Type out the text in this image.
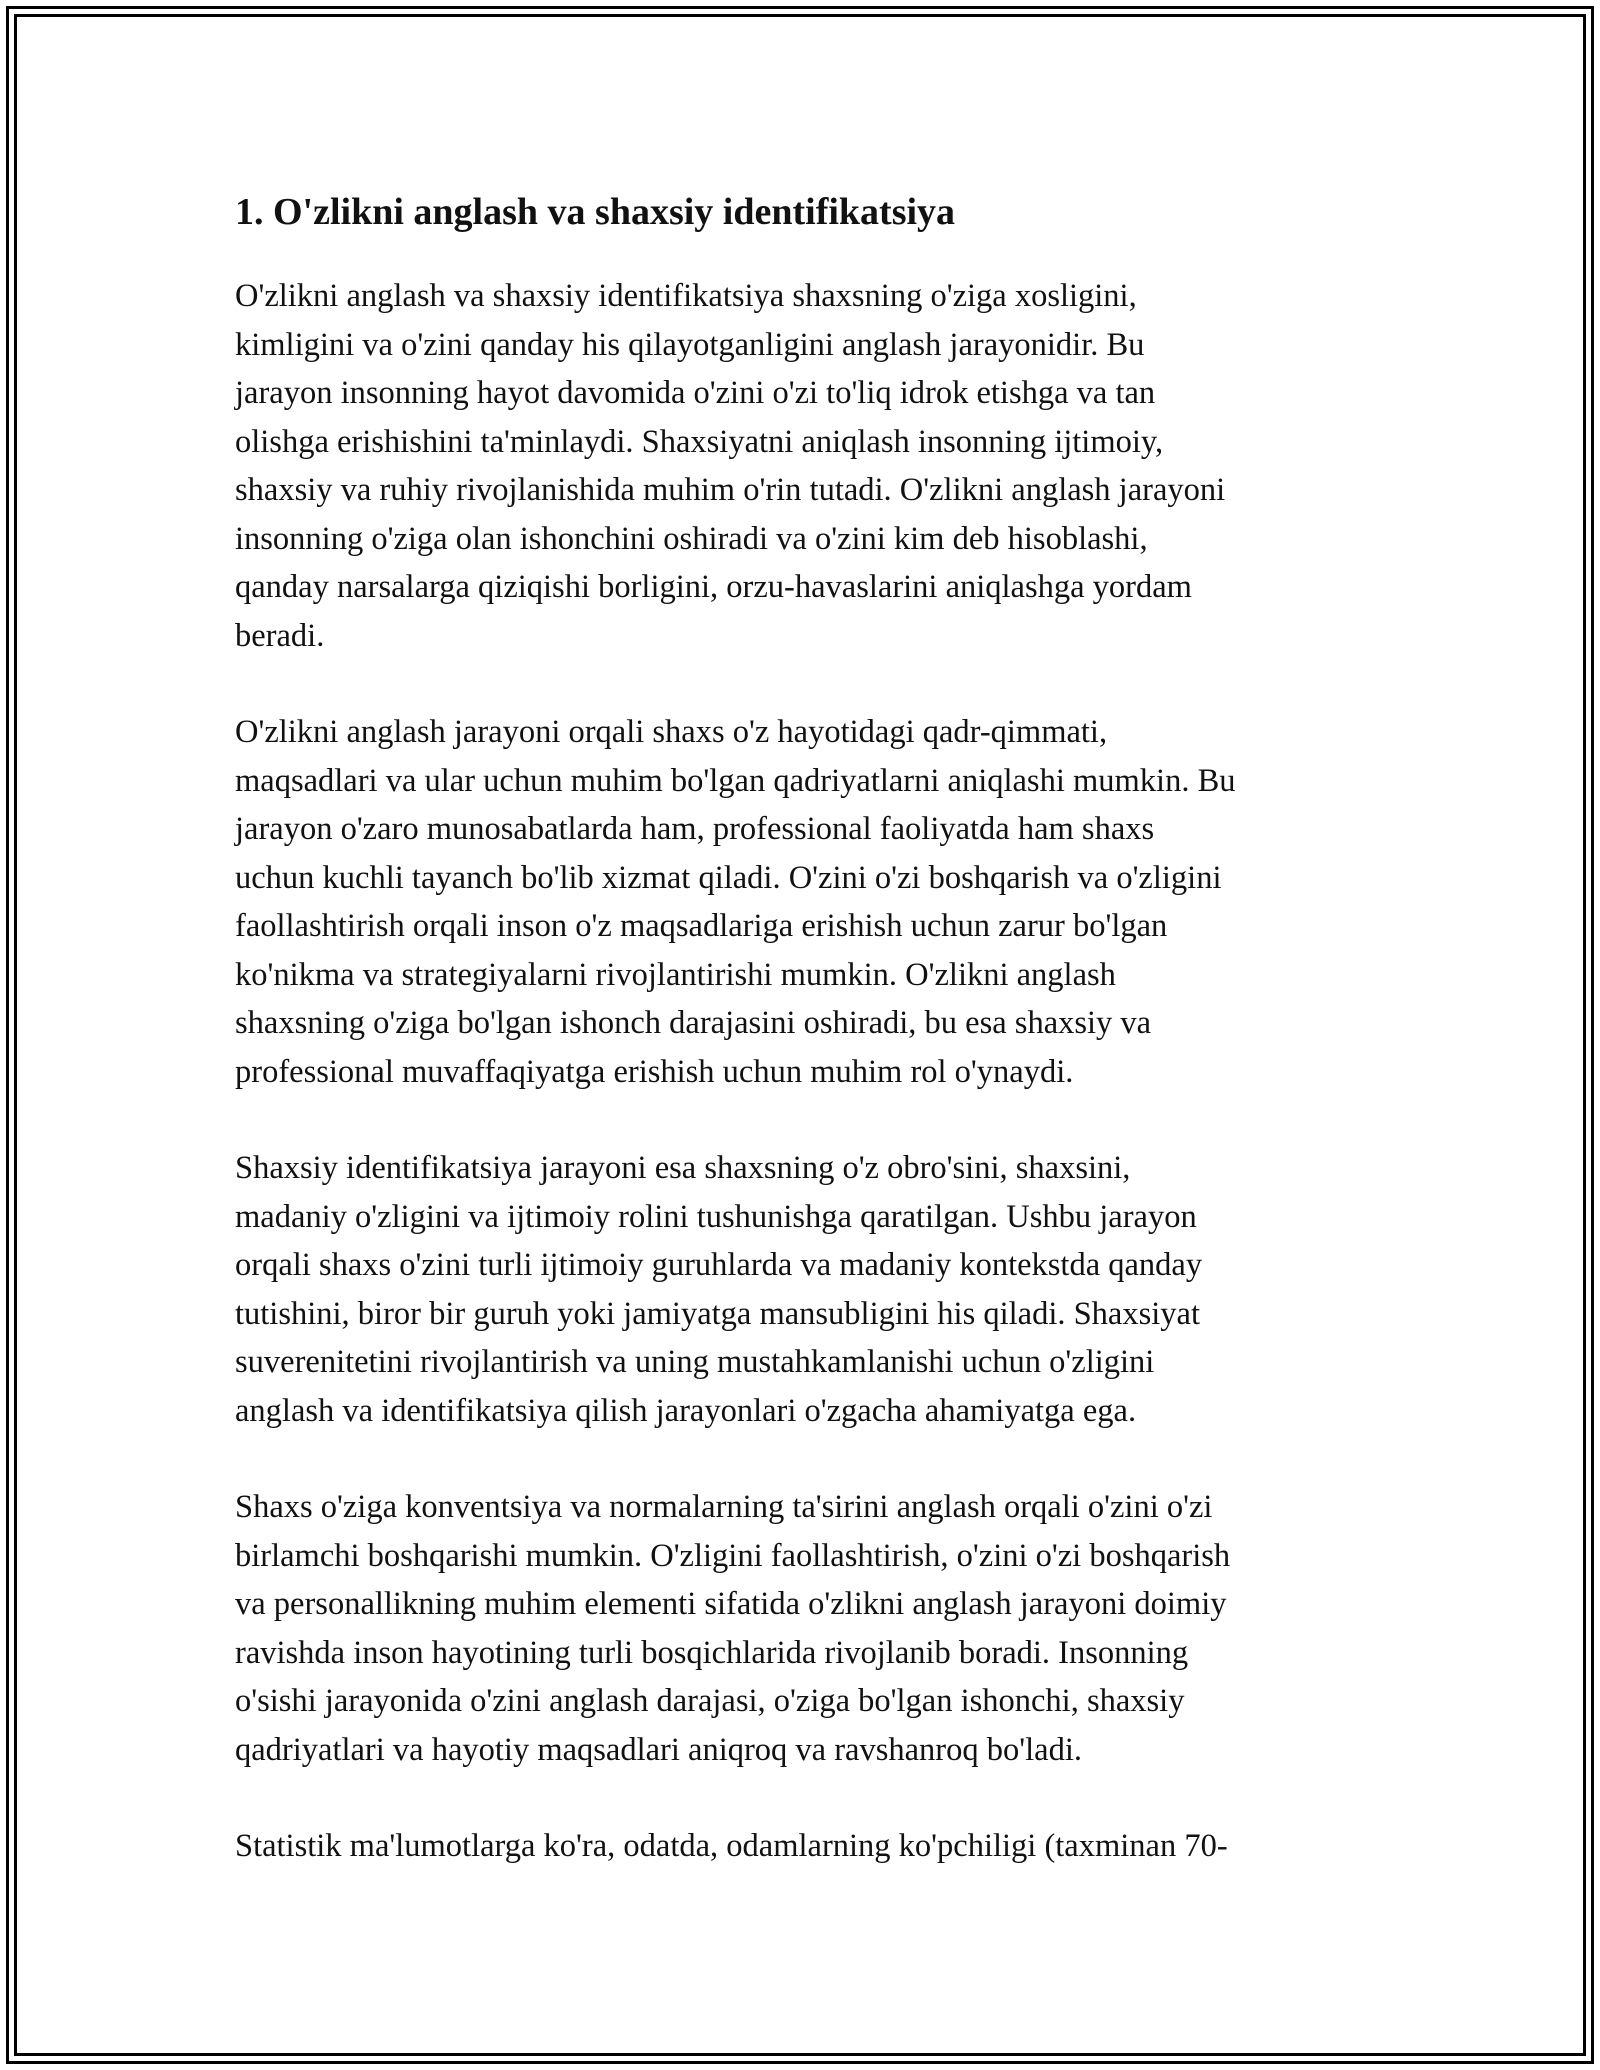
1. O'zlikni anglash va shaxsiy identifikatsiya

O'zlikni anglash va shaxsiy identifikatsiya shaxsning o'ziga xosligini,
kimligini va o'zini qanday his qilayotganligini anglash jarayonidir. Bu
jarayon insonning hayot davomida o'zini o'zi to'liq idrok etishga va tan
olishga erishishini ta'minlaydi. Shaxsiyatni aniqlash insonning ijtimoiy,
shaxsiy va ruhiy rivojlanishida muhim o'rin tutadi. O'zlikni anglash jarayoni
insonning o'ziga olan ishonchini oshiradi va o'zini kim deb hisoblashi,
qanday narsalarga qiziqishi borligini, orzu-havaslarini aniqlashga yordam
beradi.

O'zlikni anglash jarayoni orqali shaxs o'z hayotidagi qadr-qimmati,
maqsadlari va ular uchun muhim bo'lgan qadriyatlarni aniqlashi mumkin. Bu
jarayon o'zaro munosabatlarda ham, professional faoliyatda ham shaxs
uchun kuchli tayanch bo'lib xizmat qiladi. O'zini o'zi boshqarish va o'zligini
faollashtirish orqali inson o'z maqsadlariga erishish uchun zarur bo'lgan
ko'nikma va strategiyalarni rivojlantirishi mumkin. O'zlikni anglash
shaxsning o'ziga bo'lgan ishonch darajasini oshiradi, bu esa shaxsiy va
professional muvaffaqiyatga erishish uchun muhim rol o'ynaydi.

Shaxsiy identifikatsiya jarayoni esa shaxsning o'z obro'sini, shaxsini,
madaniy o'zligini va ijtimoiy rolini tushunishga qaratilgan. Ushbu jarayon
orqali shaxs o'zini turli ijtimoiy guruhlarda va madaniy kontekstda qanday
tutishini, biror bir guruh yoki jamiyatga mansubligini his qiladi. Shaxsiyat
suverenitetini rivojlantirish va uning mustahkamlanishi uchun o'zligini
anglash va identifikatsiya qilish jarayonlari o'zgacha ahamiyatga ega.

Shaxs o'ziga konventsiya va normalarning ta'sirini anglash orqali o'zini o'zi
birlamchi boshqarishi mumkin. O'zligini faollashtirish, o'zini o'zi boshqarish
va personallikning muhim elementi sifatida o'zlikni anglash jarayoni doimiy
ravishda inson hayotining turli bosqichlarida rivojlanib boradi. Insonning
o'sishi jarayonida o'zini anglash darajasi, o'ziga bo'lgan ishonchi, shaxsiy
qadriyatlari va hayotiy maqsadlari aniqroq va ravshanroq bo'ladi.

Statistik ma'lumotlarga ko'ra, odatda, odamlarning ko'pchiligi (taxminan 70-
